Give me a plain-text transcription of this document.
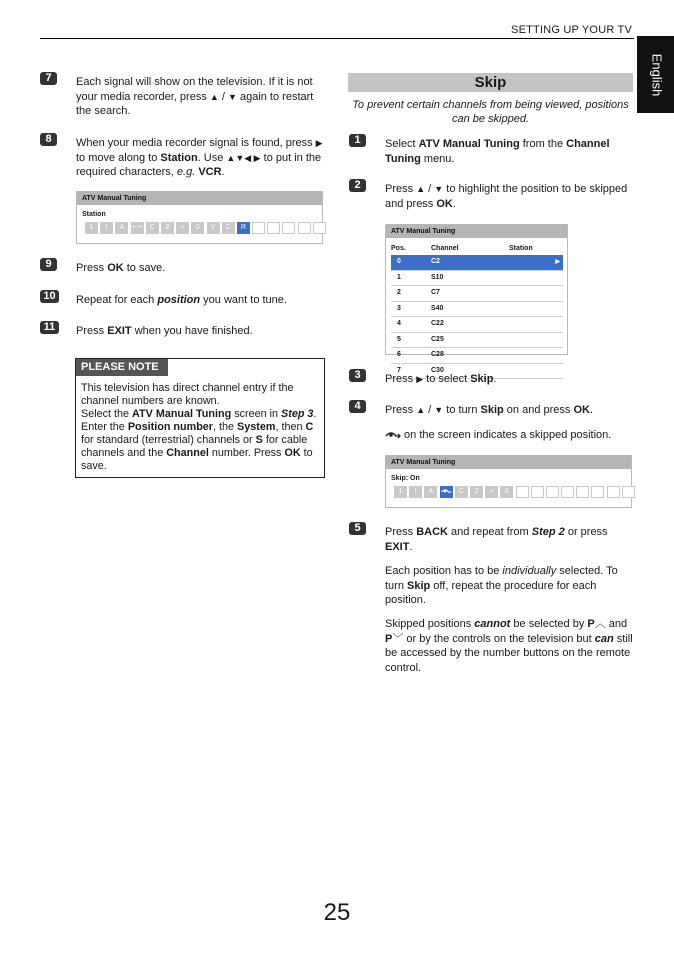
SETTING UP YOUR TV
English
7	Each signal will show on the television. If it is not your media recorder, press ▲ / ▼ again to restart the search.
8	When your media recorder signal is found, press ▶ to move along to Station. Use ▲▼◀ ▶ to put in the required characters, e.g. VCR.
ATV Manual Tuning
Station
1	I	A	⟷	C	2	⌕	0	V	C	R
9	Press OK to save.
10	Repeat for each position you want to tune.
11	Press EXIT when you have finished.
PLEASE NOTE
This television has direct channel entry if the channel numbers are known.
Select the ATV Manual Tuning screen in Step 3. Enter the Position number, the System, then C for standard (terrestrial) channels or S for cable channels and the Channel number. Press OK to save.
Skip
To prevent certain channels from being viewed, positions can be skipped.
1	Select ATV Manual Tuning from the Channel Tuning menu.
2	Press ▲ / ▼ to highlight the position to be skipped and press OK.
ATV Manual Tuning
Pos.	Channel	Station
0	C2	▶
1	S10	
2	C7	
3	S40	
4	C22	
5	C25	
6	C28	
7	C30	
3	Press ▶ to select Skip.
4	Press ▲ / ▼ to turn Skip on and press OK.
on the screen indicates a skipped position.
ATV Manual Tuning
Skip: On
1	I	A	C	2	⌕	0
5	Press BACK and repeat from Step 2 or press EXIT.
Each position has to be individually selected. To turn Skip off, repeat the procedure for each position.
Skipped positions cannot be selected by P︿ and P﹀ or by the controls on the television but can still be accessed by the number buttons on the remote control.
25
